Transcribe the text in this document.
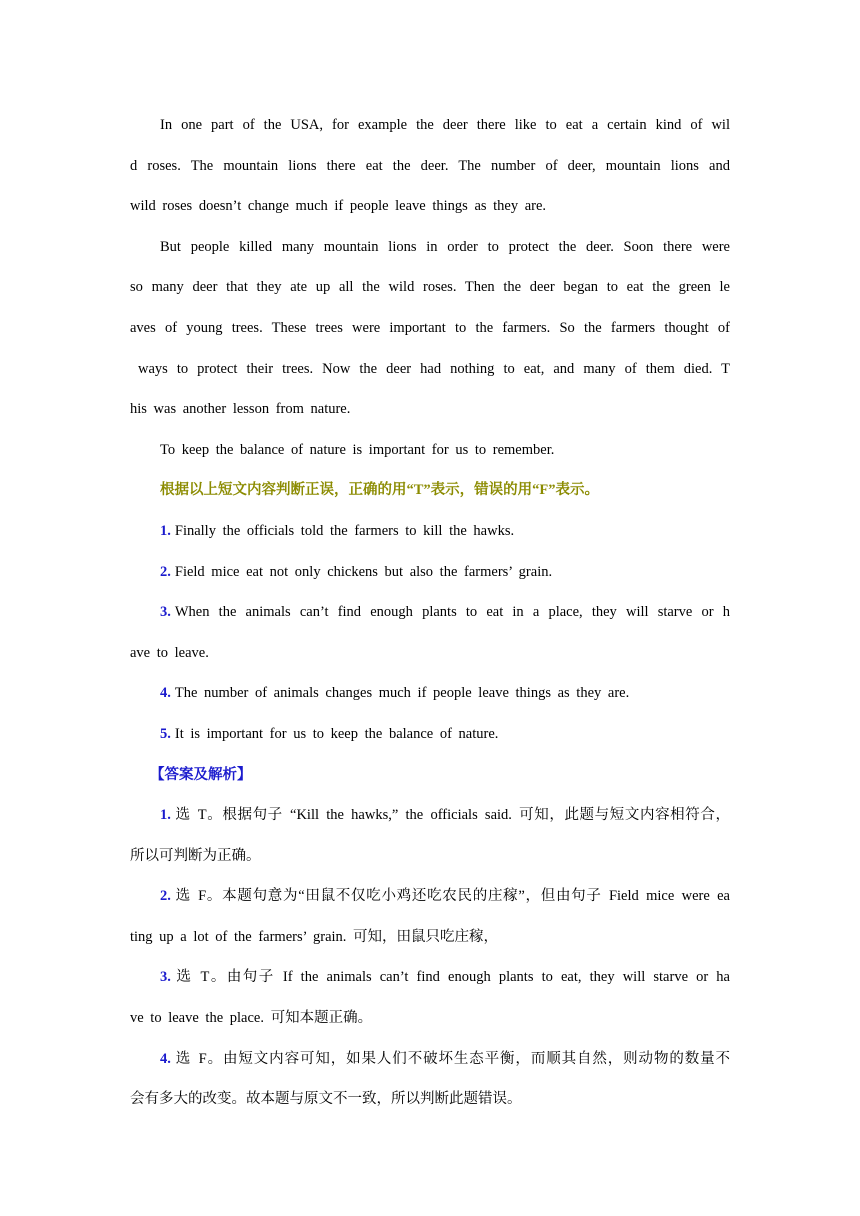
In one part of the USA, for example the deer there like to eat a certain kind of wil
d roses. The mountain lions there eat the deer. The number of deer, mountain lions and
wild roses doesn’t change much if people leave things as they are.
But people killed many mountain lions in order to protect the deer. Soon there were
so many deer that they ate up all the wild roses. Then the deer began to eat the green le
aves of young trees. These trees were important to the farmers. So the farmers thought of
ways to protect their trees. Now the deer had nothing to eat, and many of them died. T
his was another lesson from nature.
To keep the balance of nature is important for us to remember.
根据以上短文内容判断正误，正确的用“T”表示，错误的用“F”表示。
1. Finally the officials told the farmers to kill the hawks.
2. Field mice eat not only chickens but also the farmers’ grain.
3. When the animals can’t find enough plants to eat in a place, they will starve or h
ave to leave.
4. The number of animals changes much if people leave things as they are.
5. It is important for us to keep the balance of nature.
【答案及解析】
1. 选 T。根据句子 “Kill the hawks,” the officials said. 可知，此题与短文内容相符合，
所以可判断为正确。
2. 选 F。本题句意为“田鼠不仅吃小鸡还吃农民的庄稼”，但由句子 Field mice were ea
ting up a lot of the farmers’ grain. 可知，田鼠只吃庄稼，
3. 选 T。由句子 If the animals can’t find enough plants to eat, they will starve or ha
ve to leave the place. 可知本题正确。
4. 选 F。由短文内容可知，如果人们不破坏生态平衡，而顺其自然，则动物的数量不
会有多大的改变。故本题与原文不一致，所以判断此题错误。
